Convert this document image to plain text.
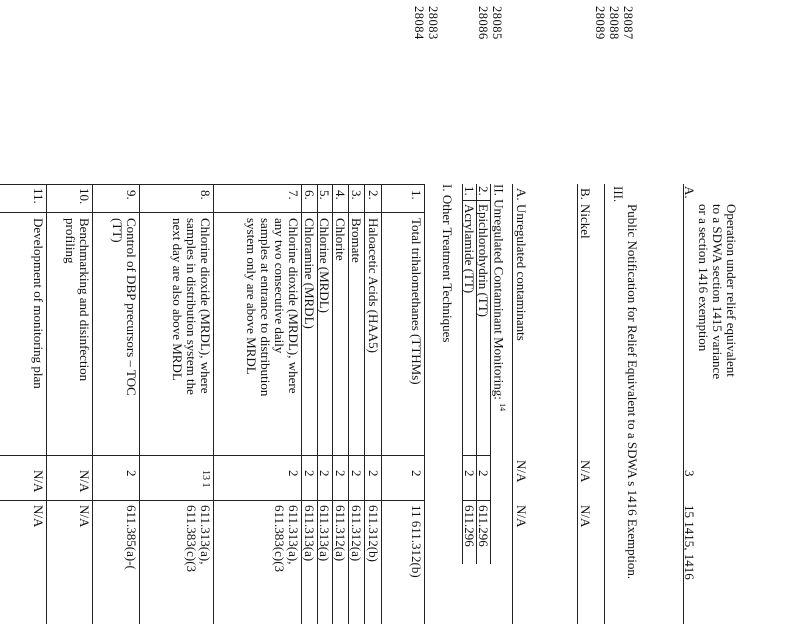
28083
28084	28085
28086	28087
28088
28089
1.
Total trihalomethanes (TTHMs)
2
11 611.312(b)
2.
Haloacetic Acids (HAA5)
2
611.312(b)
3.
Bromate
2
611.312(a)
4.
Chlorite
2
611.312(a)
5.
Chlorine (MRDL)
2
611.313(a)
6.
Chloramine (MRDL)
2
611.313(a)
7.
Chlorine dioxide (MRDL), where any two consecutive daily samples at entrance to distribution system only are above MRDL
2
611.313(a), 611.383(c)(3
8.
Chlorine dioxide (MRDL), where samples in distribution system the next day are also above MRDL
13 1
611.313(a), 611.383(c)(3
9.
Control of DBP precursors – TOC (TT)
2
611.385(a)-(
10.
Benchmarking and disinfection profiling
N/A
N/A
11.
Development of monitoring plan
N/A
N/A
I. Other Treatment Techniques 1.
Acrylamide (TT)
2
611.296
2.
Epichlorohydrin (TT)
2
611.296
II. Unregulated Contaminant Monitoring: $^{14}$
A.
Unregulated contaminants
N/A
N/A
B.
Nickel
N/A
N/A
III.
Public Notification for Relief Equivalent to a SDWA s 1416 Exemption.
A.
Operation under relief equivalent to a SDWA section 1415 variance or a section 1416 exemption
3
15 1415, 1416
